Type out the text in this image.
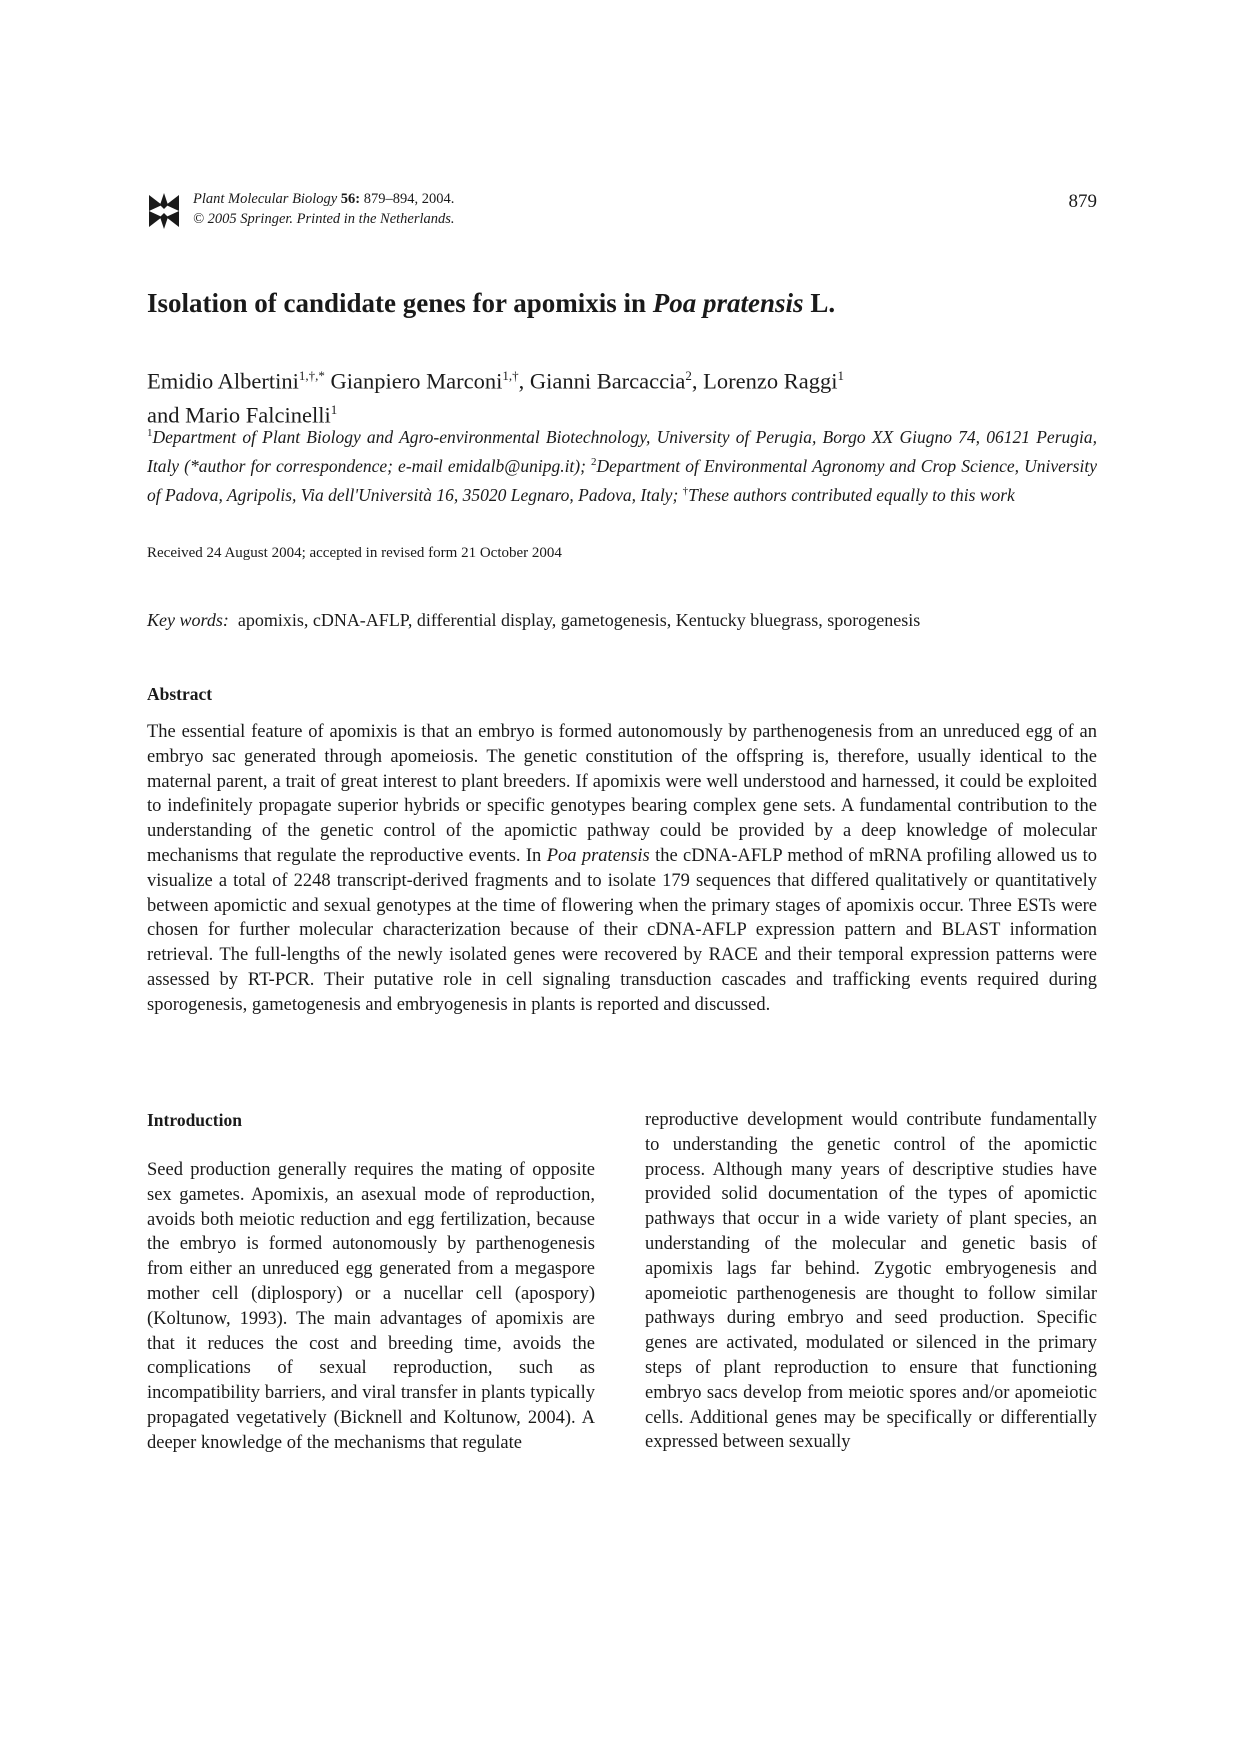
Plant Molecular Biology 56: 879–894, 2004.
© 2005 Springer. Printed in the Netherlands.
879
Isolation of candidate genes for apomixis in Poa pratensis L.
Emidio Albertini$^{1,\dagger,*}$ Gianpiero Marconi$^{1,\dagger}$, Gianni Barcaccia$^2$, Lorenzo Raggi$^1$
and Mario Falcinelli$^1$
$^1$Department of Plant Biology and Agro-environmental Biotechnology, University of Perugia, Borgo XX Giugno 74, 06121 Perugia, Italy (*author for correspondence; e-mail emidalb@unipg.it); $^2$Department of Environmental Agronomy and Crop Science, University of Padova, Agripolis, Via dell'Università 16, 35020 Legnaro, Padova, Italy; †These authors contributed equally to this work
Received 24 August 2004; accepted in revised form 21 October 2004
Key words: apomixis, cDNA-AFLP, differential display, gametogenesis, Kentucky bluegrass, sporogenesis
Abstract

The essential feature of apomixis is that an embryo is formed autonomously by parthenogenesis from an unreduced egg of an embryo sac generated through apomeiosis. The genetic constitution of the offspring is, therefore, usually identical to the maternal parent, a trait of great interest to plant breeders. If apomixis were well understood and harnessed, it could be exploited to indefinitely propagate superior hybrids or specific genotypes bearing complex gene sets. A fundamental contribution to the understanding of the genetic control of the apomictic pathway could be provided by a deep knowledge of molecular mechanisms that regulate the reproductive events. In Poa pratensis the cDNA-AFLP method of mRNA profiling allowed us to visualize a total of 2248 transcript-derived fragments and to isolate 179 sequences that differed qualitatively or quantitatively between apomictic and sexual genotypes at the time of flowering when the primary stages of apomixis occur. Three ESTs were chosen for further molecular characterization because of their cDNA-AFLP expression pattern and BLAST information retrieval. The full-lengths of the newly isolated genes were recovered by RACE and their temporal expression patterns were assessed by RT-PCR. Their putative role in cell signaling transduction cascades and trafficking events required during sporogenesis, gametogenesis and embryogenesis in plants is reported and discussed.

Introduction

Seed production generally requires the mating of opposite sex gametes. Apomixis, an asexual mode of reproduction, avoids both meiotic reduction and egg fertilization, because the embryo is formed autonomously by parthenogenesis from either an unreduced egg generated from a megaspore mother cell (diplospory) or a nucellar cell (apospory) (Koltunow, 1993). The main advantages of apomixis are that it reduces the cost and breeding time, avoids the complications of sexual reproduction, such as incompatibility barriers, and viral transfer in plants typically propagated vegetatively (Bicknell and Koltunow, 2004). A deeper knowledge of the mechanisms that regulate

reproductive development would contribute fundamentally to understanding the genetic control of the apomictic process. Although many years of descriptive studies have provided solid documentation of the types of apomictic pathways that occur in a wide variety of plant species, an understanding of the molecular and genetic basis of apomixis lags far behind. Zygotic embryogenesis and apomeiotic parthenogenesis are thought to follow similar pathways during embryo and seed production. Specific genes are activated, modulated or silenced in the primary steps of plant reproduction to ensure that functioning embryo sacs develop from meiotic spores and/or apomeiotic cells. Additional genes may be specifically or differentially expressed between sexually
